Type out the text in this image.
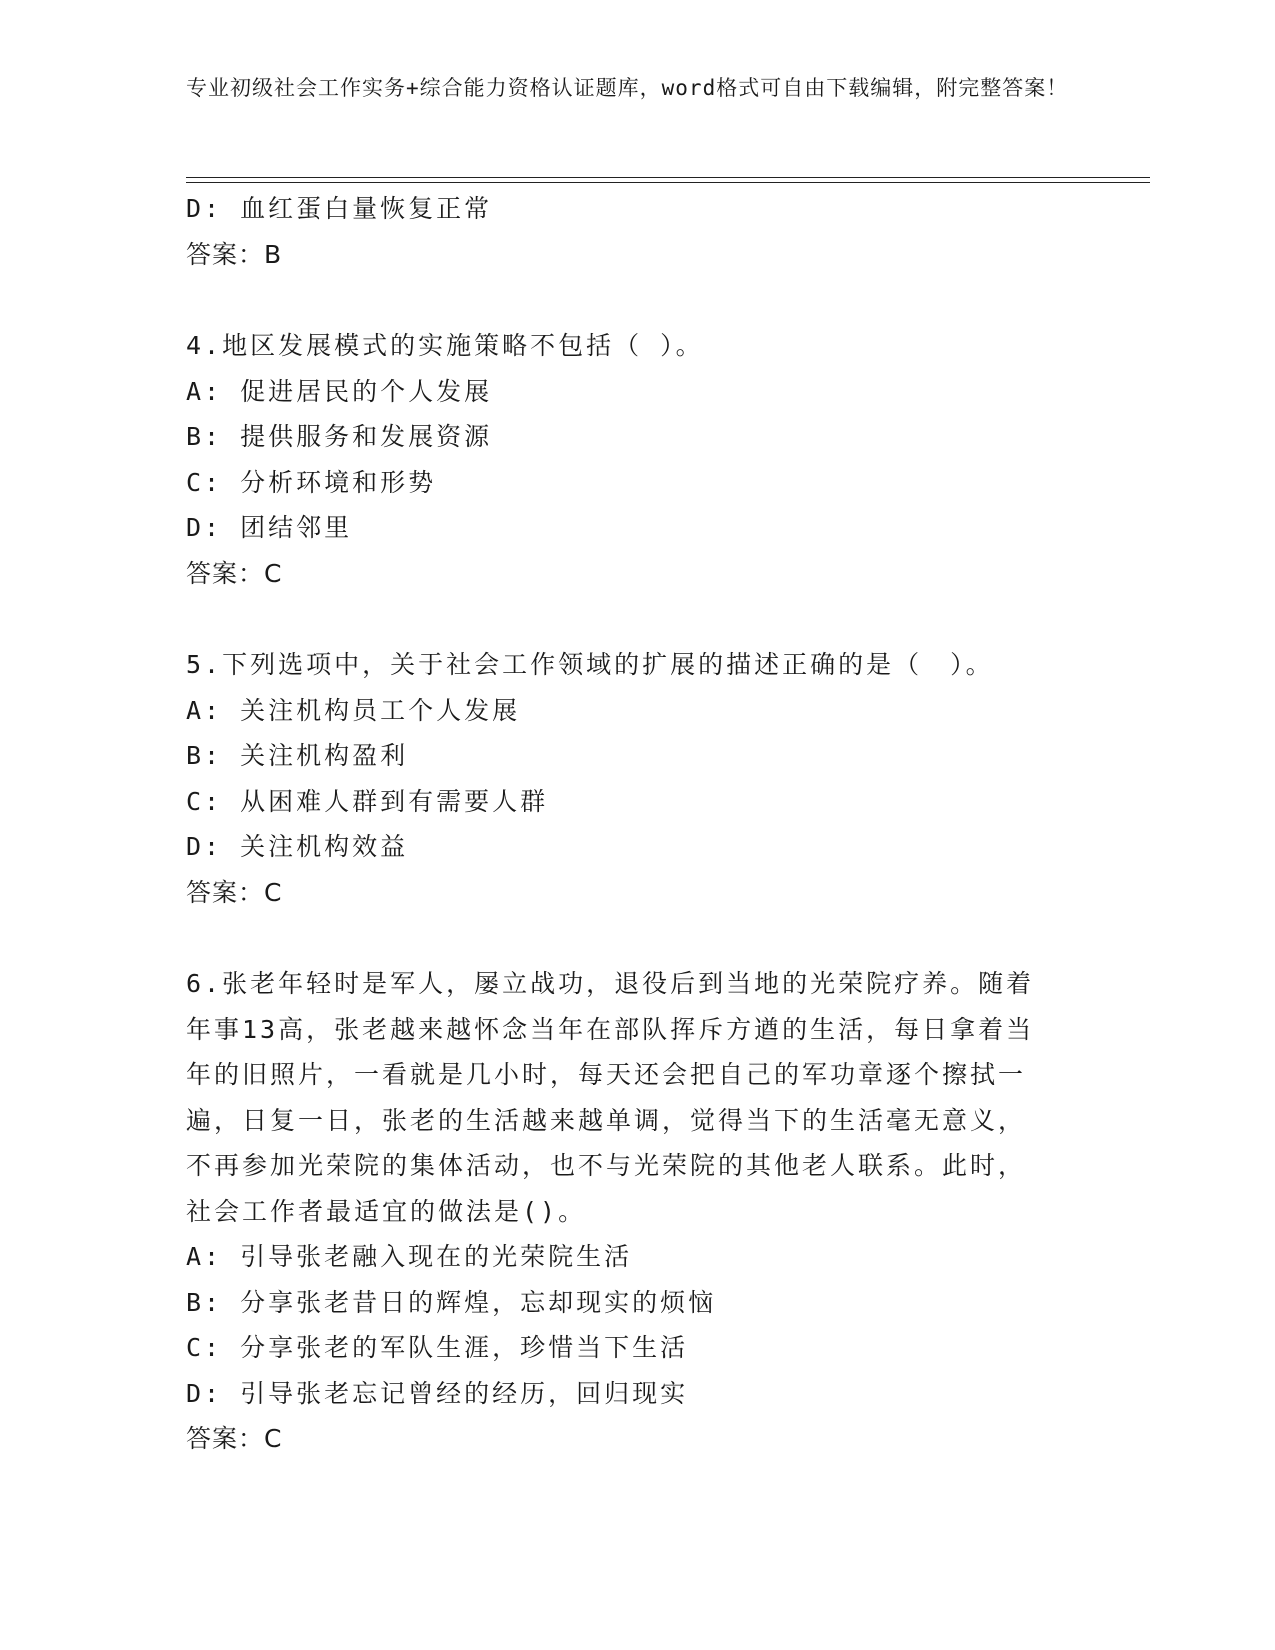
专业初级社会工作实务+综合能力资格认证题库，word格式可自由下载编辑，附完整答案！
D: 血红蛋白量恢复正常
答案：B
4.地区发展模式的实施策略不包括（ ）。
A: 促进居民的个人发展
B: 提供服务和发展资源
C: 分析环境和形势
D: 团结邻里
答案：C
5.下列选项中，关于社会工作领域的扩展的描述正确的是（　）。
A: 关注机构员工个人发展
B: 关注机构盈利
C: 从困难人群到有需要人群
D: 关注机构效益
答案：C
6.张老年轻时是军人，屡立战功，退役后到当地的光荣院疗养。随着
年事13高，张老越来越怀念当年在部队挥斥方遒的生活，每日拿着当
年的旧照片，一看就是几小时，每天还会把自己的军功章逐个擦拭一
遍，日复一日，张老的生活越来越单调，觉得当下的生活毫无意义，
不再参加光荣院的集体活动，也不与光荣院的其他老人联系。此时，
社会工作者最适宜的做法是()。
A: 引导张老融入现在的光荣院生活
B: 分享张老昔日的辉煌，忘却现实的烦恼
C: 分享张老的军队生涯，珍惜当下生活
D: 引导张老忘记曾经的经历，回归现实
答案：C
